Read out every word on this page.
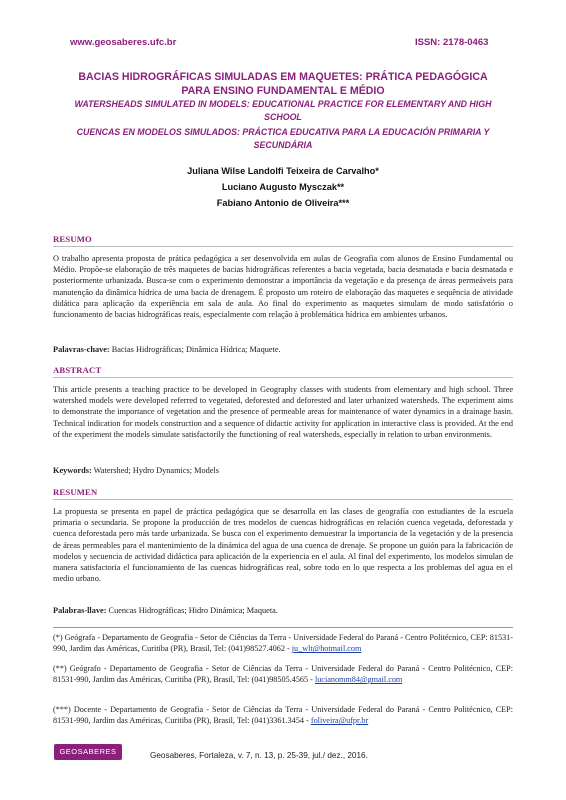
www.geosaberes.ufc.br	ISSN: 2178-0463
BACIAS HIDROGRÁFICAS SIMULADAS EM MAQUETES: PRÁTICA PEDAGÓGICA
PARA ENSINO FUNDAMENTAL E MÉDIO
WATERSHEADS SIMULATED IN MODELS: EDUCATIONAL PRACTICE FOR ELEMENTARY AND HIGH
SCHOOL
CUENCAS EN MODELOS SIMULADOS: PRÁCTICA EDUCATIVA PARA LA EDUCACIÓN PRIMARIA Y
SECUNDÁRIA
Juliana Wilse Landolfi Teixeira de Carvalho*
Luciano Augusto Mysczak**
Fabiano Antonio de Oliveira***
RESUMO
O trabalho apresenta proposta de prática pedagógica a ser desenvolvida em aulas de Geografia com alunos de Ensino Fundamental ou Médio. Propõe-se elaboração de três maquetes de bacias hidrográficas referentes a bacia vegetada, bacia desmatada e bacia desmatada e posteriormente urbanizada. Busca-se com o experimento demonstrar a importância da vegetação e da presença de áreas permeáveis para manutenção da dinâmica hídrica de uma bacia de drenagem. É proposto um roteiro de elaboração das maquetes e sequência de atividade didática para aplicação da experiência em sala de aula. Ao final do experimento as maquetes simulam de modo satisfatório o funcionamento de bacias hidrográficas reais, especialmente com relação à problemática hídrica em ambientes urbanos.
Palavras-chave: Bacias Hidrográficas; Dinâmica Hídrica; Maquete.
ABSTRACT
This article presents a teaching practice to be developed in Geography classes with students from elementary and high school. Three watershed models were developed referred to vegetated, deforested and deforested and later urbanized watersheds. The experiment aims to demonstrate the importance of vegetation and the presence of permeable areas for maintenance of water dynamics in a drainage basin. Technical indication for models construction and a sequence of didactic activity for application in interactive class is provided. At the end of the experiment the models simulate satisfactorily the functioning of real watersheds, especially in relation to urban environments.
Keywords: Watershed; Hydro Dynamics; Models
RESUMEN
La propuesta se presenta en papel de práctica pedagógica que se desarrolla en las clases de geografía con estudiantes de la escuela primaria o secundaria. Se propone la producción de tres modelos de cuencas hidrográficas en relación cuenca vegetada, deforestada y cuenca deforestada pero más tarde urbanizada. Se busca con el experimento demuestrar la importancia de la vegetación y de la presencia de áreas permeables para el mantenimiento de la dinámica del agua de una cuenca de drenaje. Se propone un guión para la fabricación de modelos y secuencia de actividad didáctica para aplicación de la experiencia en el aula. Al final del experimento, los modelos simulan de manera satisfactoria el funcionamiento de las cuencas hidrográficas real, sobre todo en lo que respecta a los problemas del agua en el medio urbano.
Palabras-llave: Cuencas Hidrográficas; Hidro Dinámica; Maqueta.
(*) Geógrafa - Departamento de Geografia - Setor de Ciências da Terra - Universidade Federal do Paraná - Centro Politécnico, CEP: 81531-990, Jardim das Américas, Curitiba (PR), Brasil, Tel: (041)98527.4062 - ju_wlt@hotmail.com
(**) Geógrafo - Departamento de Geografia - Setor de Ciências da Terra - Universidade Federal do Paraná - Centro Politécnico, CEP: 81531-990, Jardim das Américas, Curitiba (PR), Brasil, Tel: (041)98505.4565 - lucianomm84@gmail.com
(***) Docente - Departamento de Geografia - Setor de Ciências da Terra - Universidade Federal do Paraná - Centro Politécnico, CEP: 81531-990, Jardim das Américas, Curitiba (PR), Brasil, Tel: (041)3361.3454 - foliveira@ufpr.br
GEOSABERES	Geosaberes, Fortaleza, v. 7, n. 13, p. 25-39, jul./ dez., 2016.
